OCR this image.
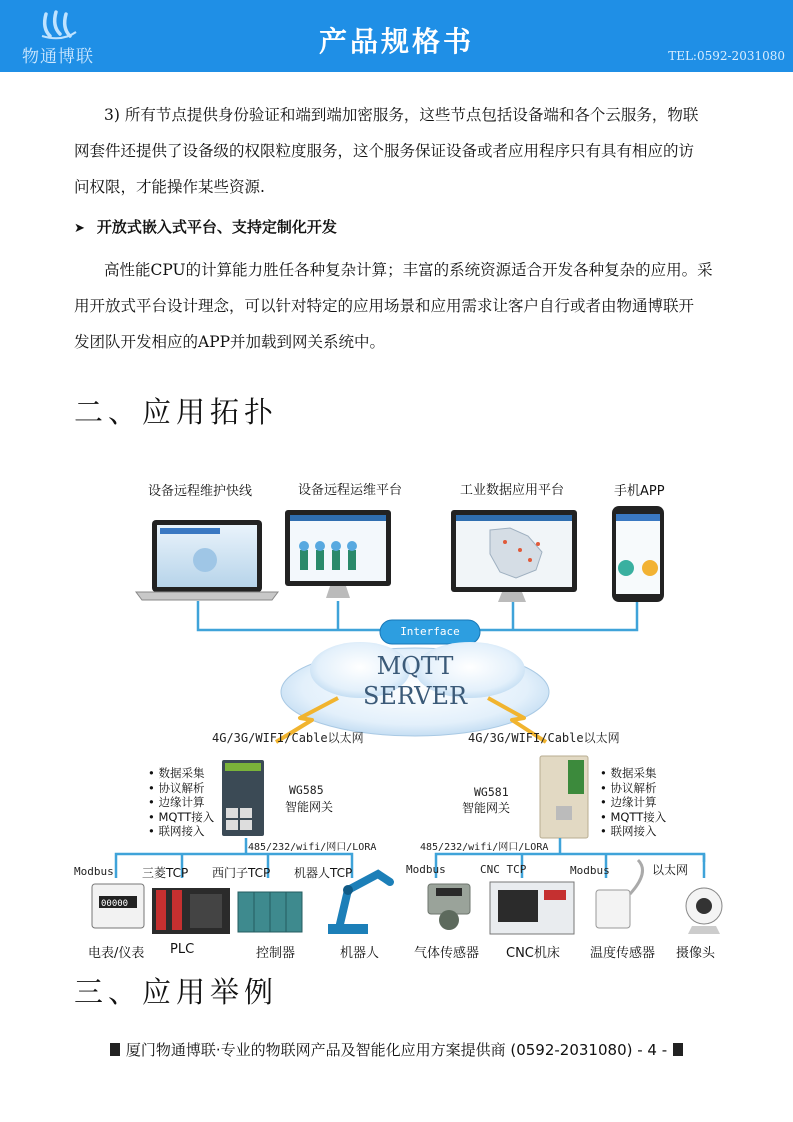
物通博联	产品规格书	TEL:0592-2031080
3) 所有节点提供身份验证和端到端加密服务，这些节点包括设备端和各个云服务，物联
网套件还提供了设备级的权限粒度服务，这个服务保证设备或者应用程序只有具有相应的访
问权限，才能操作某些资源.
➤ 开放式嵌入式平台、支持定制化开发
高性能CPU的计算能力胜任各种复杂计算；丰富的系统资源适合开发各种复杂的应用。采
用开放式平台设计理念，可以针对特定的应用场景和应用需求让客户自行或者由物通博联开
发团队开发相应的APP并加载到网关系统中。
二、应用拓扑
00000
设备远程维护快线	设备远程运维平台	工业数据应用平台	手机APP
Interface
MQTT
SERVER
4G/3G/WIFI/Cable以太网	4G/3G/WIFI/Cable以太网
• 数据采集
• 协议解析
• 边缘计算
• MQTT接入
• 联网接入
WG585
智能网关
• 数据采集
• 协议解析
• 边缘计算
• MQTT接入
• 联网接入
WG581
智能网关
485/232/wifi/网口/LORA	485/232/wifi/网口/LORA
Modbus 三菱TCP 西门子TCP 机器人TCP	Modbus	CNC TCP	Modbus	以太网
电表/仪表 PLC	控制器	机器人	气体传感器 CNC机床 温度传感器 摄像头
三、应用举例
厦门物通博联·专业的物联网产品及智能化应用方案提供商 (0592-2031080) - 4 -
